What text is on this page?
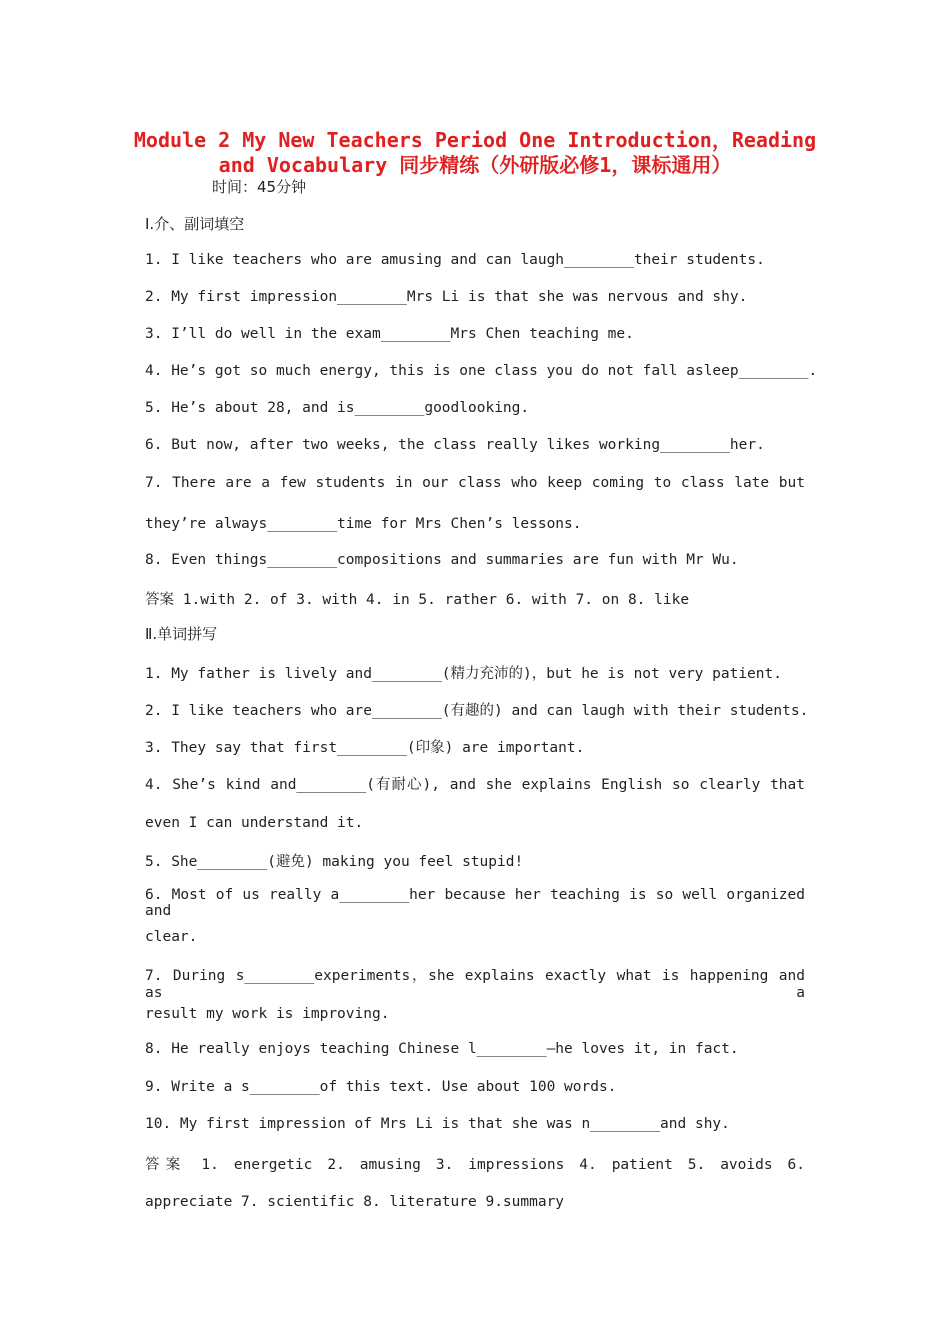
Module 2 My New Teachers Period One Introduction，Reading
and Vocabulary 同步精练（外研版必修1，课标通用）
时间：45分钟
Ⅰ.介、副词填空
1. I like teachers who are amusing and can laugh________their students.
2. My first impression________Mrs Li is that she was nervous and shy.
3. I’ll do well in the exam________Mrs Chen teaching me.
4. He’s got so much energy, this is one class you do not fall asleep________.
5. He’s about 28, and is________goodlooking.
6. But now, after two weeks, the class really likes working________her.
7. There are a few students in our class who keep coming to class late but
they’re always________time for Mrs Chen’s lessons.
8. Even things________compositions and summaries are fun with Mr Wu.
答案 1.with 2. of 3. with 4. in 5. rather 6. with 7. on 8. like
Ⅱ.单词拼写
1. My father is lively and________(精力充沛的)，but he is not very patient.
2. I like teachers who are________(有趣的) and can laugh with their students.
3. They say that first________(印象) are important.
4. She’s kind and________(有耐心), and she explains English so clearly that
even I can understand it.
5. She________(避免) making you feel stupid!
6. Most of us really a________her because her teaching is so well organized and
clear.
7. During s________experiments，she explains exactly what is happening and as a
result my work is improving.
8. He really enjoys teaching Chinese l________—he loves it, in fact.
9. Write a s________of this text. Use about 100 words.
10. My first impression of Mrs Li is that she was n________and shy.
答案 1. energetic 2. amusing 3. impressions 4. patient 5. avoids 6.
appreciate 7. scientific 8. literature 9.summary
